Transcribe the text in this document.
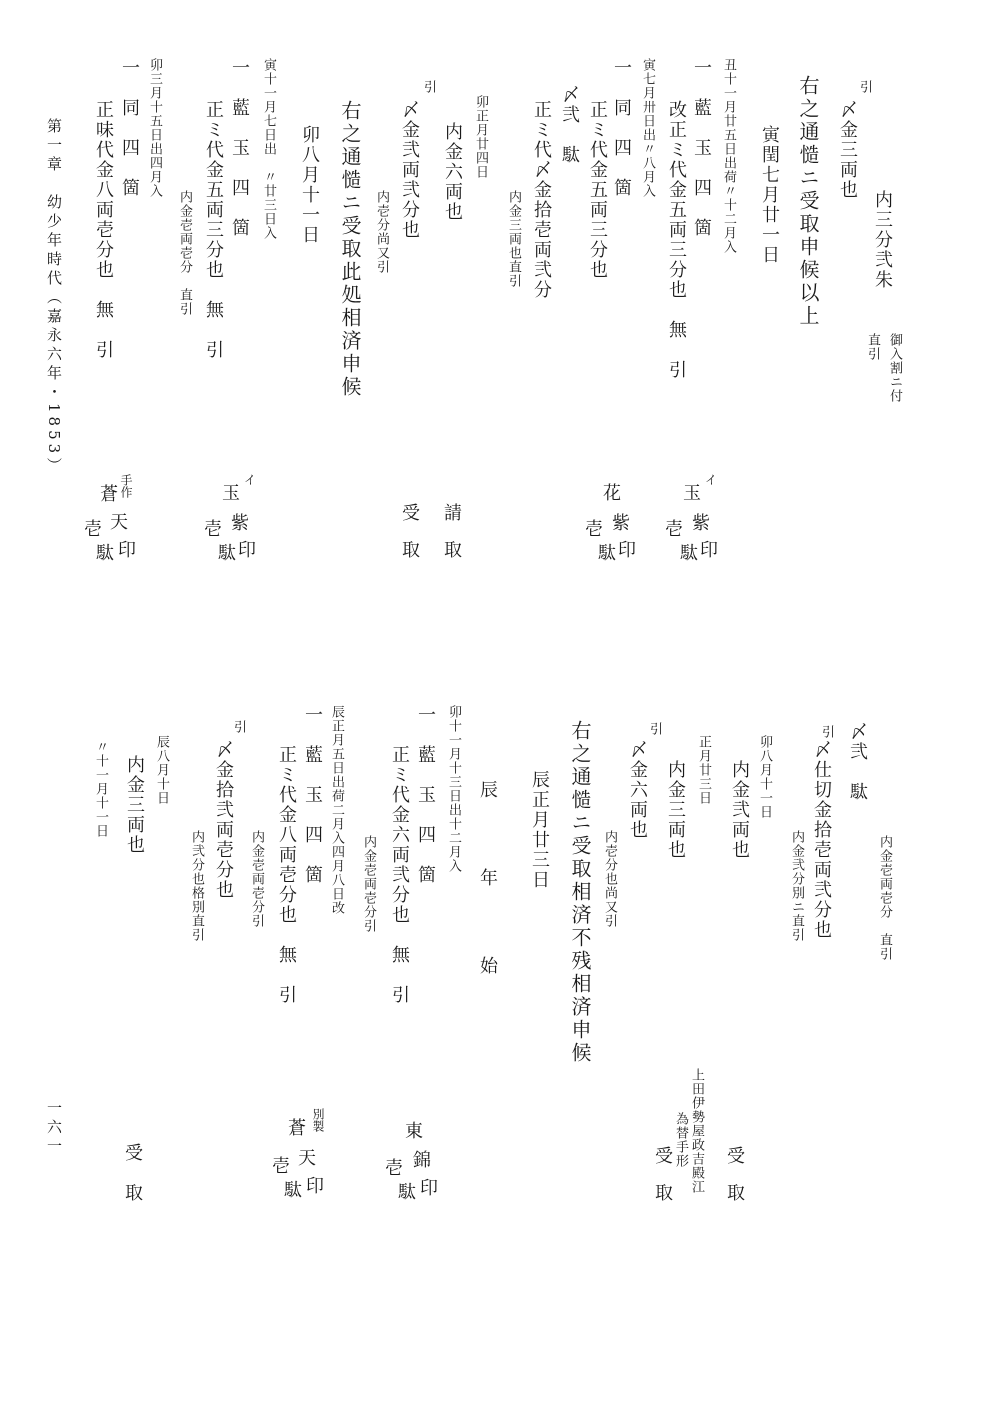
内三分弐朱
御入割ニ付
直引
引
〆金三両也
右之通慥ニ受取申候以上
寅閏七月廿一日
丑十一月廿五日出荷〃十二月入
一　藍　玉　四　箇
改正ミ代金五両三分也　無　引
寅七月卅日出〃八月入
一　同　四　箇
正ミ代金五両三分也
〆弐　駄
正ミ代〆金拾壱両弐分
内金三両也直引
卯正月廿四日
内金六両也
引
〆金弐両弐分也
内壱分尚又引
右之通慥ニ受取此処相済申候
卯八月十一日
寅十一月七日出　〃廿三日入
一　藍　玉　四　箇
正ミ代金五両三分也　無　引
内金壱両壱分　直引
卯三月十五日出四月入
一　同　四　箇
正味代金八両壱分也　無　引
第一章　幼少年時代（嘉永六年・1853）
イ
玉
紫
印
壱
駄
花
紫
印
壱
駄
請
取
受
取
イ
玉
紫
印
壱
駄
手作
蒼
天
印
壱
駄
内金壱両壱分　直引
〆弐　駄
引
〆仕切金拾壱両弐分也
内金弐分別ニ直引
卯八月十一日
内金弐両也
正月廿三日
内金三両也
引
〆金六両也
内壱分也尚又引
右之通慥ニ受取相済不残相済申候
辰正月廿三日
辰　年　始
卯十一月十三日出十二月入
一　藍　玉　四　箇
正ミ代金六両弐分也　無　引
内金壱両壱分引
辰正月五日出荷二月入四月八日改
一　藍　玉　四　箇
正ミ代金八両壱分也　無　引
内金壱両壱分引
引
〆金拾弐両壱分也
内弐分也格別直引
辰八月十日
内金三両也
〃十一月十一日
一六一	受
取
上田伊勢屋政吉殿江
為替手形
受
取
東
錦
印
壱
駄
別製
蒼
天
印
壱
駄
受
取
